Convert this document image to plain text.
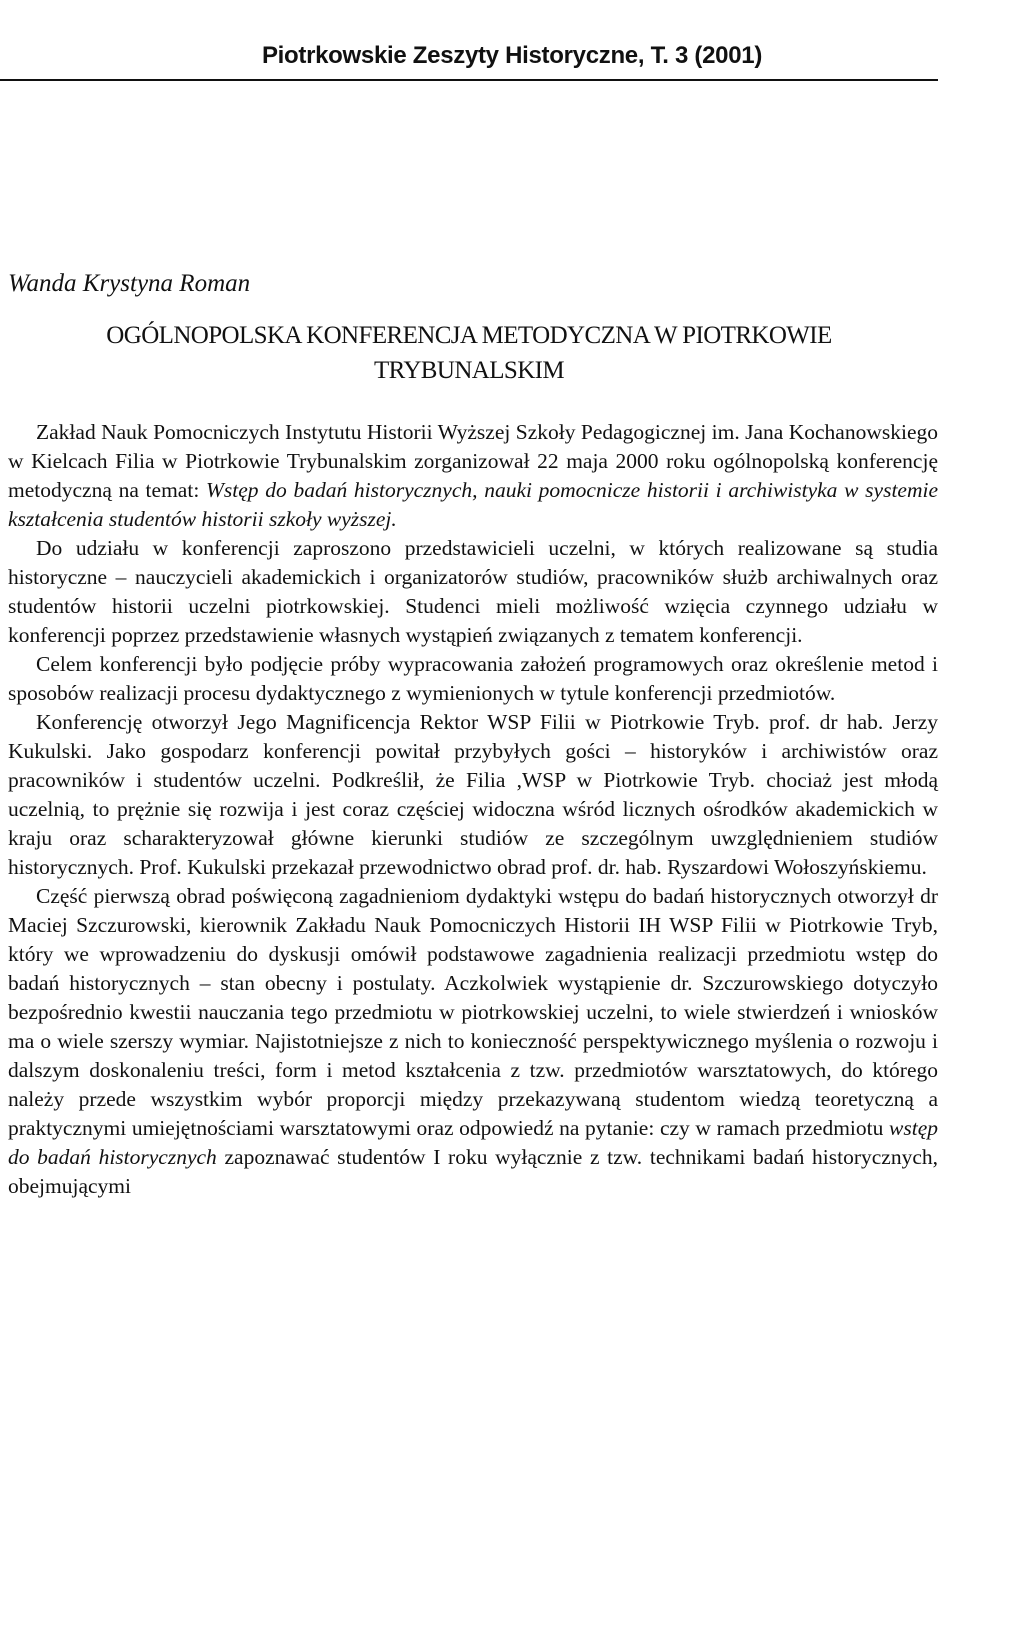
Piotrkowskie Zeszyty Historyczne, T. 3 (2001)
Wanda Krystyna Roman
OGÓLNOPOLSKA KONFERENCJA METODYCZNA W PIOTRKOWIE
TRYBUNALSKIM

Zakład Nauk Pomocniczych Instytutu Historii Wyższej Szkoły Pedagogicznej im. Jana Kochanowskiego w Kielcach Filia w Piotrkowie Trybunalskim zorganizował 22 maja 2000 roku ogólnopolską konferencję metodyczną na temat: Wstęp do badań historycznych, nauki pomocnicze historii i archiwistyka w systemie kształcenia studentów historii szkoły wyższej.

Do udziału w konferencji zaproszono przedstawicieli uczelni, w których realizowane są studia historyczne – nauczycieli akademickich i organizatorów studiów, pracowników służb archiwalnych oraz studentów historii uczelni piotrkowskiej. Studenci mieli możliwość wzięcia czynnego udziału w konferencji poprzez przedstawienie własnych wystąpień związanych z tematem konferencji.

Celem konferencji było podjęcie próby wypracowania założeń programowych oraz określenie metod i sposobów realizacji procesu dydaktycznego z wymienionych w tytule konferencji przedmiotów.

Konferencję otworzył Jego Magnificencja Rektor WSP Filii w Piotrkowie Tryb. prof. dr hab. Jerzy Kukulski. Jako gospodarz konferencji powitał przybyłych gości – historyków i archiwistów oraz pracowników i studentów uczelni. Podkreślił, że Filia ,WSP w Piotrkowie Tryb. chociaż jest młodą uczelnią, to prężnie się rozwija i jest coraz częściej widoczna wśród licznych ośrodków akademickich w kraju oraz scharakteryzował główne kierunki studiów ze szczególnym uwzględnieniem studiów historycznych. Prof. Kukulski przekazał przewodnictwo obrad prof. dr. hab. Ryszardowi Wołoszyńskiemu.

Część pierwszą obrad poświęconą zagadnieniom dydaktyki wstępu do badań historycznych otworzył dr Maciej Szczurowski, kierownik Zakładu Nauk Pomocniczych Historii IH WSP Filii w Piotrkowie Tryb, który we wprowadzeniu do dyskusji omówił podstawowe zagadnienia realizacji przedmiotu wstęp do badań historycznych – stan obecny i postulaty. Aczkolwiek wystąpienie dr. Szczurowskiego dotyczyło bezpośrednio kwestii nauczania tego przedmiotu w piotrkowskiej uczelni, to wiele stwierdzeń i wniosków ma o wiele szerszy wymiar. Najistotniejsze z nich to konieczność perspektywicznego myślenia o rozwoju i dalszym doskonaleniu treści, form i metod kształcenia z tzw. przedmiotów warsztatowych, do którego należy przede wszystkim wybór proporcji między przekazywaną studentom wiedzą teoretyczną a praktycznymi umiejętnościami warsztatowymi oraz odpowiedź na pytanie: czy w ramach przedmiotu wstęp do badań historycznych zapoznawać studentów I roku wyłącznie z tzw. technikami badań historycznych, obejmującymi
